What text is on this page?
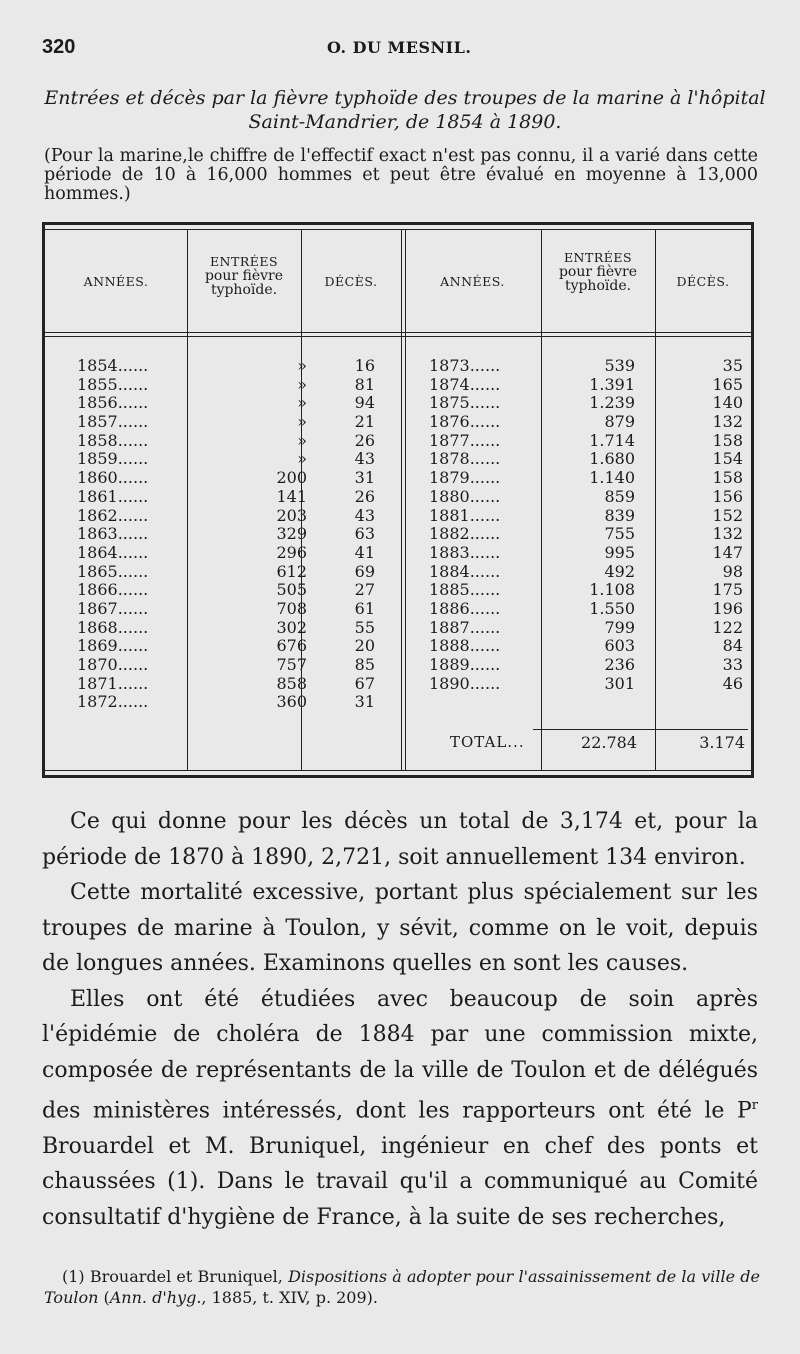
320	O. DU MESNIL.
Entrées et décès par la fièvre typhoïde des troupes de la marine à l'hôpital Saint-Mandrier, de 1854 à 1890.
(Pour la marine,le chiffre de l'effectif exact n'est pas connu, il a varié dans cette période de 10 à 16,000 hommes et peut être évalué en moyenne à 13,000 hommes.)
ANNÉES.
ENTRÉES
pour fièvre
typhoïde.
DÉCÈS.	ANNÉES.
ENTRÉES
pour fièvre
typhoïde.	DÉCÈS.
1854......	»	16
1855......	»	81
1856......	»	94
1857......	»	21
1858......	»	26
1859......	»	43
1860......	200	31
1861......	141	26
1862......	203	43
1863......	329	63
1864......	296	41
1865......	612	69
1866......	505	27
1867......	708	61
1868......	302	55
1869......	676	20
1870......	757	85
1871......	858	67
1872......	360	31
1873......	539	35
1874......	1.391	165
1875......	1.239	140
1876......	879	132
1877......	1.714	158
1878......	1.680	154
1879......	1.140	158
1880......	859	156
1881......	839	152
1882......	755	132
1883......	995	147
1884......	492	98
1885......	1.108	175
1886......	1.550	196
1887......	799	122
1888......	603	84
1889......	236	33
1890......	301	46
TOTAL...	22.784	3.174

Ce qui donne pour les décès un total de 3,174 et, pour la période de 1870 à 1890, 2,721, soit annuellement 134 environ.

Cette mortalité excessive, portant plus spécialement sur les troupes de marine à Toulon, y sévit, comme on le voit, depuis de longues années. Examinons quelles en sont les causes.

Elles ont été étudiées avec beaucoup de soin après l'épidémie de choléra de 1884 par une commission mixte, composée de représentants de la ville de Toulon et de délégués des ministères intéressés, dont les rapporteurs ont été le $P^r$ Brouardel et M. Bruniquel, ingénieur en chef des ponts et chaussées (1). Dans le travail qu'il a communiqué au Comité consultatif d'hygiène de France, à la suite de ses recherches,

(1) Brouardel et Bruniquel, Dispositions à adopter pour l'assainissement de la ville de Toulon (Ann. d'hyg., 1885, t. XIV, p. 209).
